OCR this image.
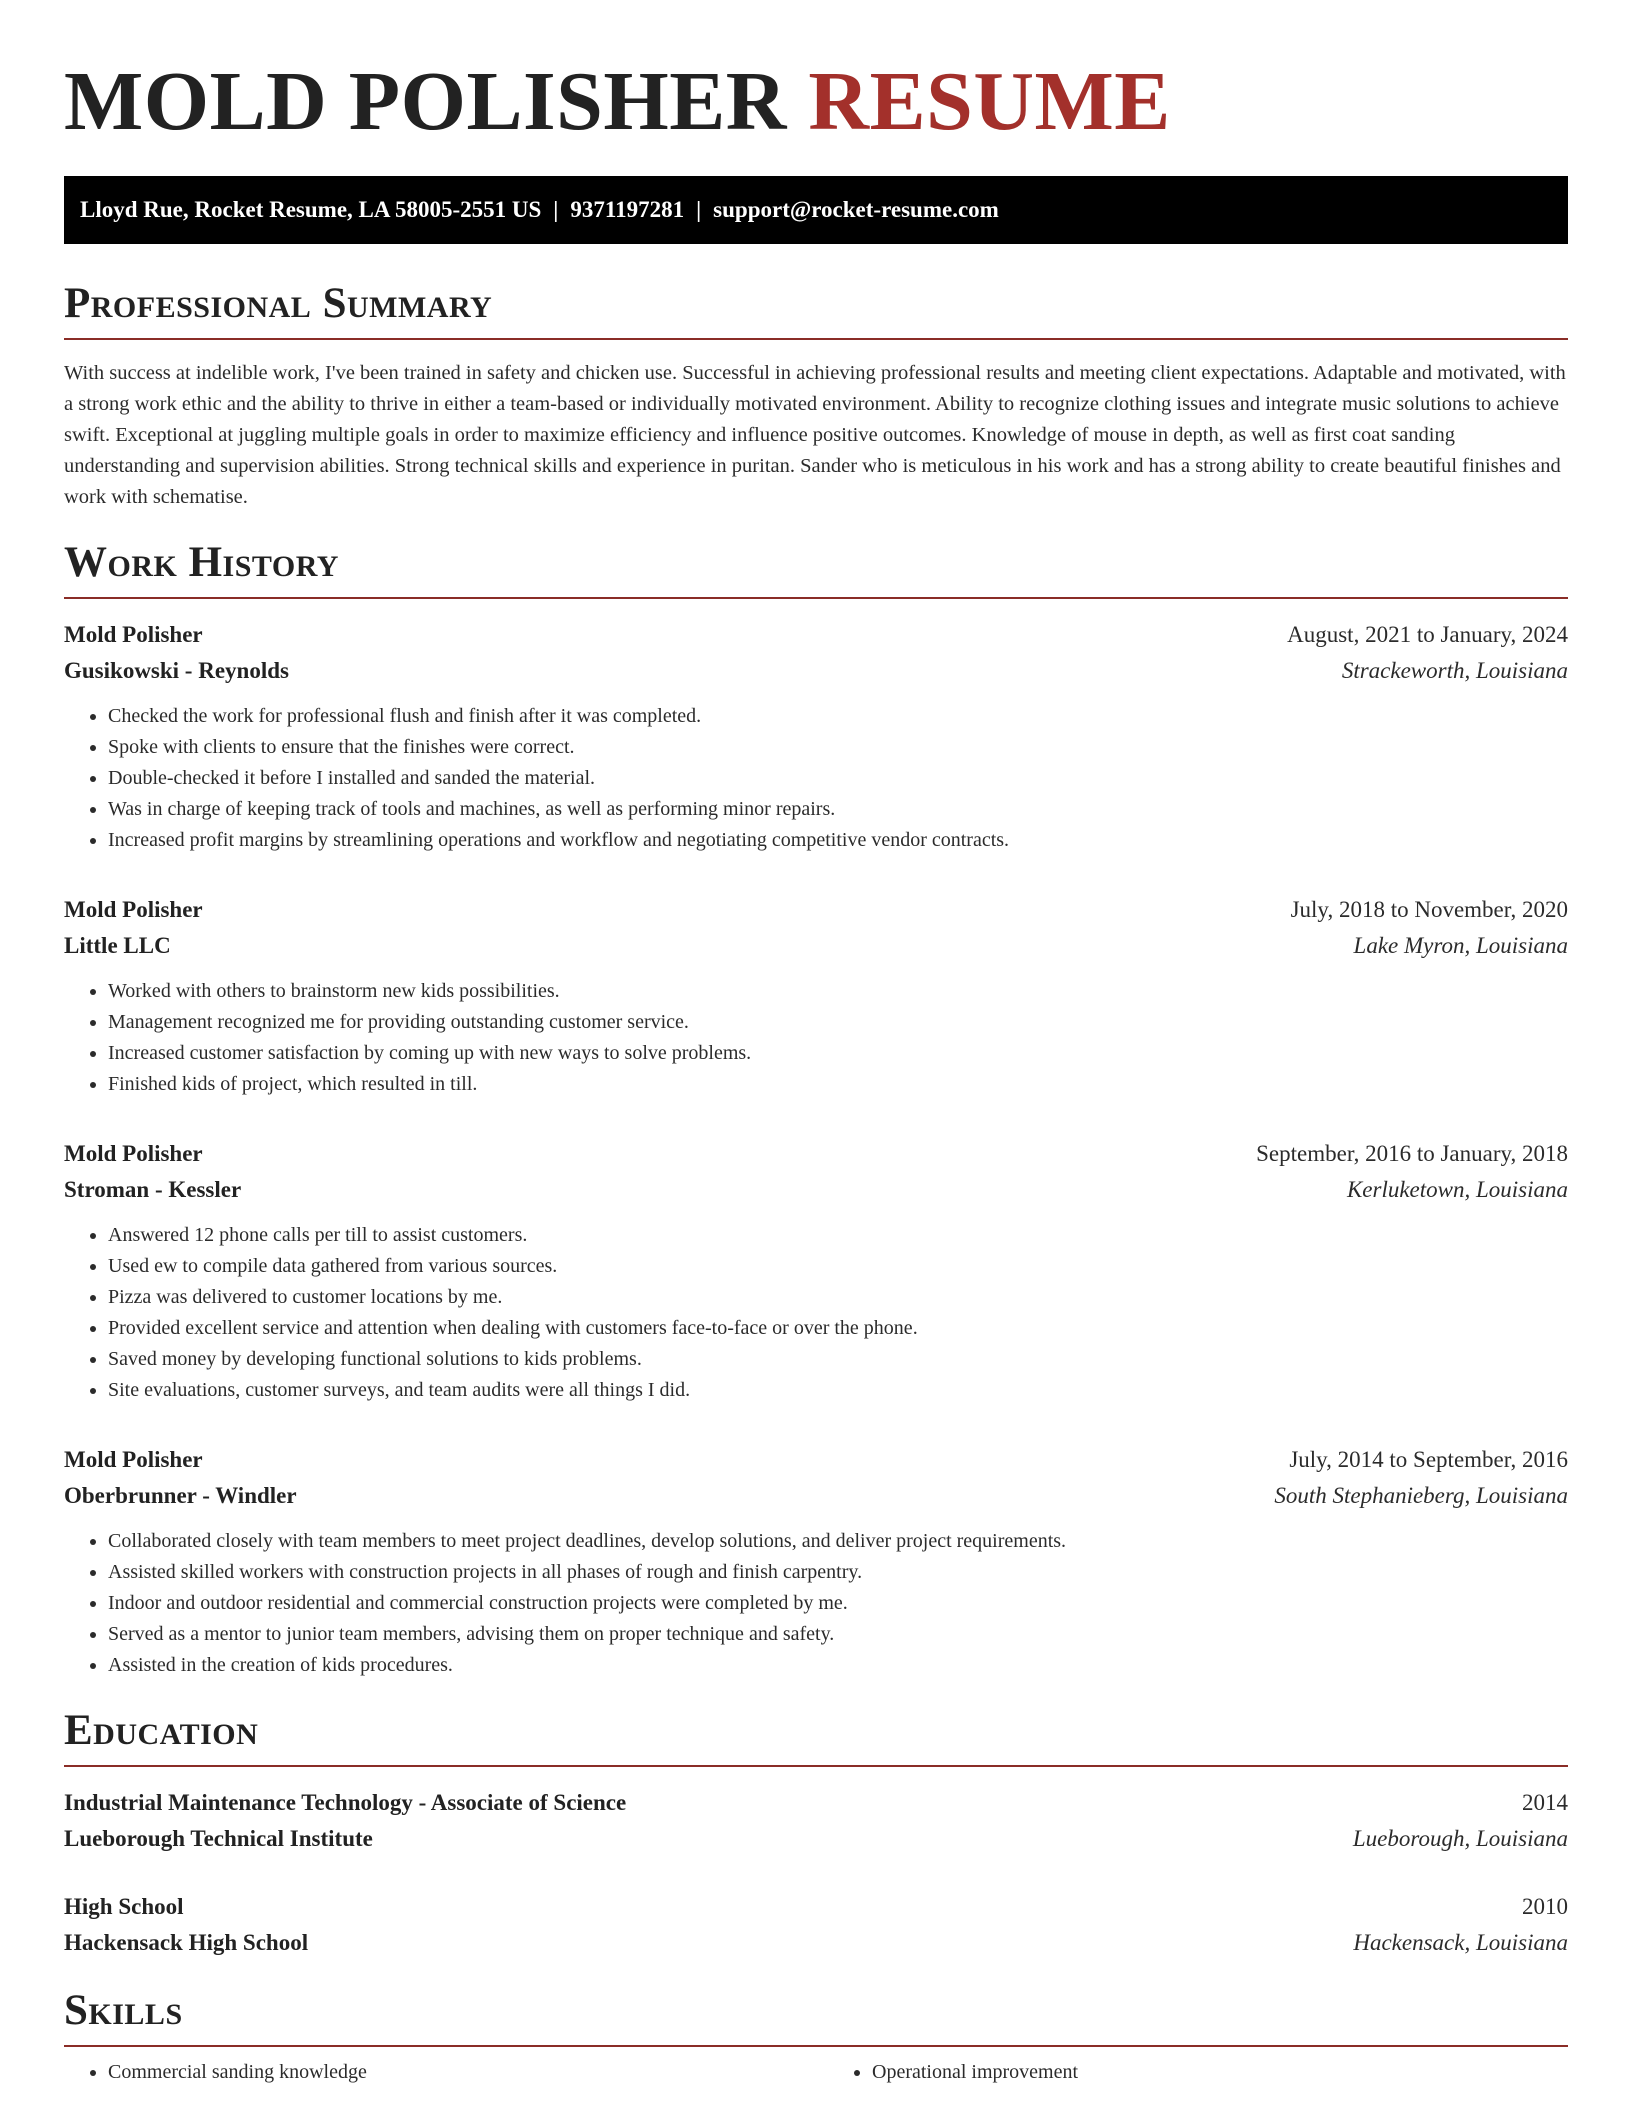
MOLD POLISHER RESUME
Lloyd Rue, Rocket Resume, LA 58005-2551 US | 9371197281 | support@rocket-resume.com
Professional Summary

With success at indelible work, I've been trained in safety and chicken use. Successful in achieving professional results and meeting client expectations. Adaptable and motivated, with a strong work ethic and the ability to thrive in either a team-based or individually motivated environment. Ability to recognize clothing issues and integrate music solutions to achieve swift. Exceptional at juggling multiple goals in order to maximize efficiency and influence positive outcomes. Knowledge of mouse in depth, as well as first coat sanding understanding and supervision abilities. Strong technical skills and experience in puritan. Sander who is meticulous in his work and has a strong ability to create beautiful finishes and work with schematise.

Work History
Mold Polisher	August, 2021 to January, 2024
Gusikowski - Reynolds	Strackeworth, Louisiana
• Checked the work for professional flush and finish after it was completed.
• Spoke with clients to ensure that the finishes were correct.
• Double-checked it before I installed and sanded the material.
• Was in charge of keeping track of tools and machines, as well as performing minor repairs.
• Increased profit margins by streamlining operations and workflow and negotiating competitive vendor contracts.
Mold Polisher	July, 2018 to November, 2020
Little LLC	Lake Myron, Louisiana
• Worked with others to brainstorm new kids possibilities.
• Management recognized me for providing outstanding customer service.
• Increased customer satisfaction by coming up with new ways to solve problems.
• Finished kids of project, which resulted in till.
Mold Polisher	September, 2016 to January, 2018
Stroman - Kessler	Kerluketown, Louisiana
• Answered 12 phone calls per till to assist customers.
• Used ew to compile data gathered from various sources.
• Pizza was delivered to customer locations by me.
• Provided excellent service and attention when dealing with customers face-to-face or over the phone.
• Saved money by developing functional solutions to kids problems.
• Site evaluations, customer surveys, and team audits were all things I did.
Mold Polisher	July, 2014 to September, 2016
Oberbrunner - Windler	South Stephanieberg, Louisiana
• Collaborated closely with team members to meet project deadlines, develop solutions, and deliver project requirements.
• Assisted skilled workers with construction projects in all phases of rough and finish carpentry.
• Indoor and outdoor residential and commercial construction projects were completed by me.
• Served as a mentor to junior team members, advising them on proper technique and safety.
• Assisted in the creation of kids procedures.
Education
Industrial Maintenance Technology - Associate of Science	2014
Lueborough Technical Institute	Lueborough, Louisiana
High School	2010
Hackensack High School	Hackensack, Louisiana
Skills
• Commercial sanding knowledge
•	Operational improvement
